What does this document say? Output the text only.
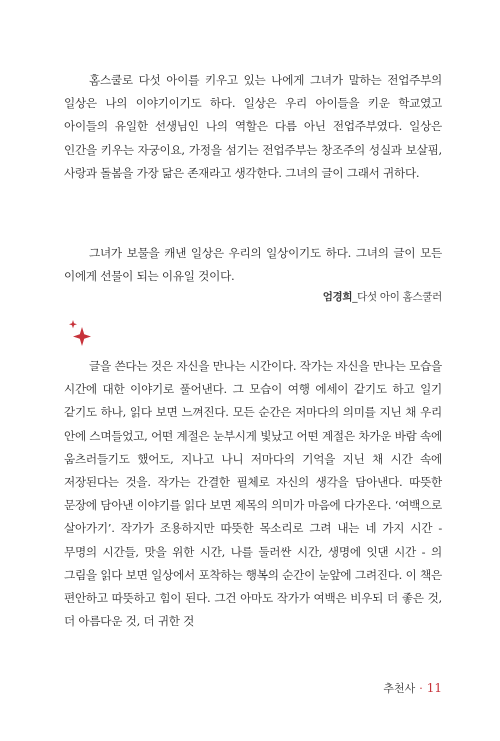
홈스쿨로 다섯 아이를 키우고 있는 나에게 그녀가 말하는 전업주부의 일상은 나의 이야기이기도 하다. 일상은 우리 아이들을 키운 학교였고 아이들의 유일한 선생님인 나의 역할은 다름 아닌 전업주부였다. 일상은 인간을 키우는 자궁이요, 가정을 섬기는 전업주부는 창조주의 성실과 보살핌, 사랑과 돌봄을 가장 닮은 존재라고 생각한다. 그녀의 글이 그래서 귀하다.

그녀가 보물을 캐낸 일상은 우리의 일상이기도 하다. 그녀의 글이 모든 이에게 선물이 되는 이유일 것이다.

엄경희_다섯 아이 홈스쿨러

글을 쓴다는 것은 자신을 만나는 시간이다. 작가는 자신을 만나는 모습을 시간에 대한 이야기로 풀어낸다. 그 모습이 여행 에세이 같기도 하고 일기 같기도 하나, 읽다 보면 느껴진다. 모든 순간은 저마다의 의미를 지닌 채 우리 안에 스며들었고, 어떤 계절은 눈부시게 빛났고 어떤 계절은 차가운 바람 속에 움츠러들기도 했어도, 지나고 나니 저마다의 기억을 지닌 채 시간 속에 저장된다는 것을. 작가는 간결한 필체로 자신의 생각을 담아낸다. 따뜻한 문장에 담아낸 이야기를 읽다 보면 제목의 의미가 마음에 다가온다. ‘여백으로 살아가기’. 작가가 조용하지만 따뜻한 목소리로 그려 내는 네 가지 시간 - 무명의 시간들, 맛을 위한 시간, 나를 둘러싼 시간, 생명에 잇댄 시간 - 의 그림을 읽다 보면 일상에서 포착하는 행복의 순간이 눈앞에 그려진다. 이 책은 편안하고 따뜻하고 힘이 된다. 그건 아마도 작가가 여백은 비우되 더 좋은 것, 더 아름다운 것, 더 귀한 것

추천사 · 11
